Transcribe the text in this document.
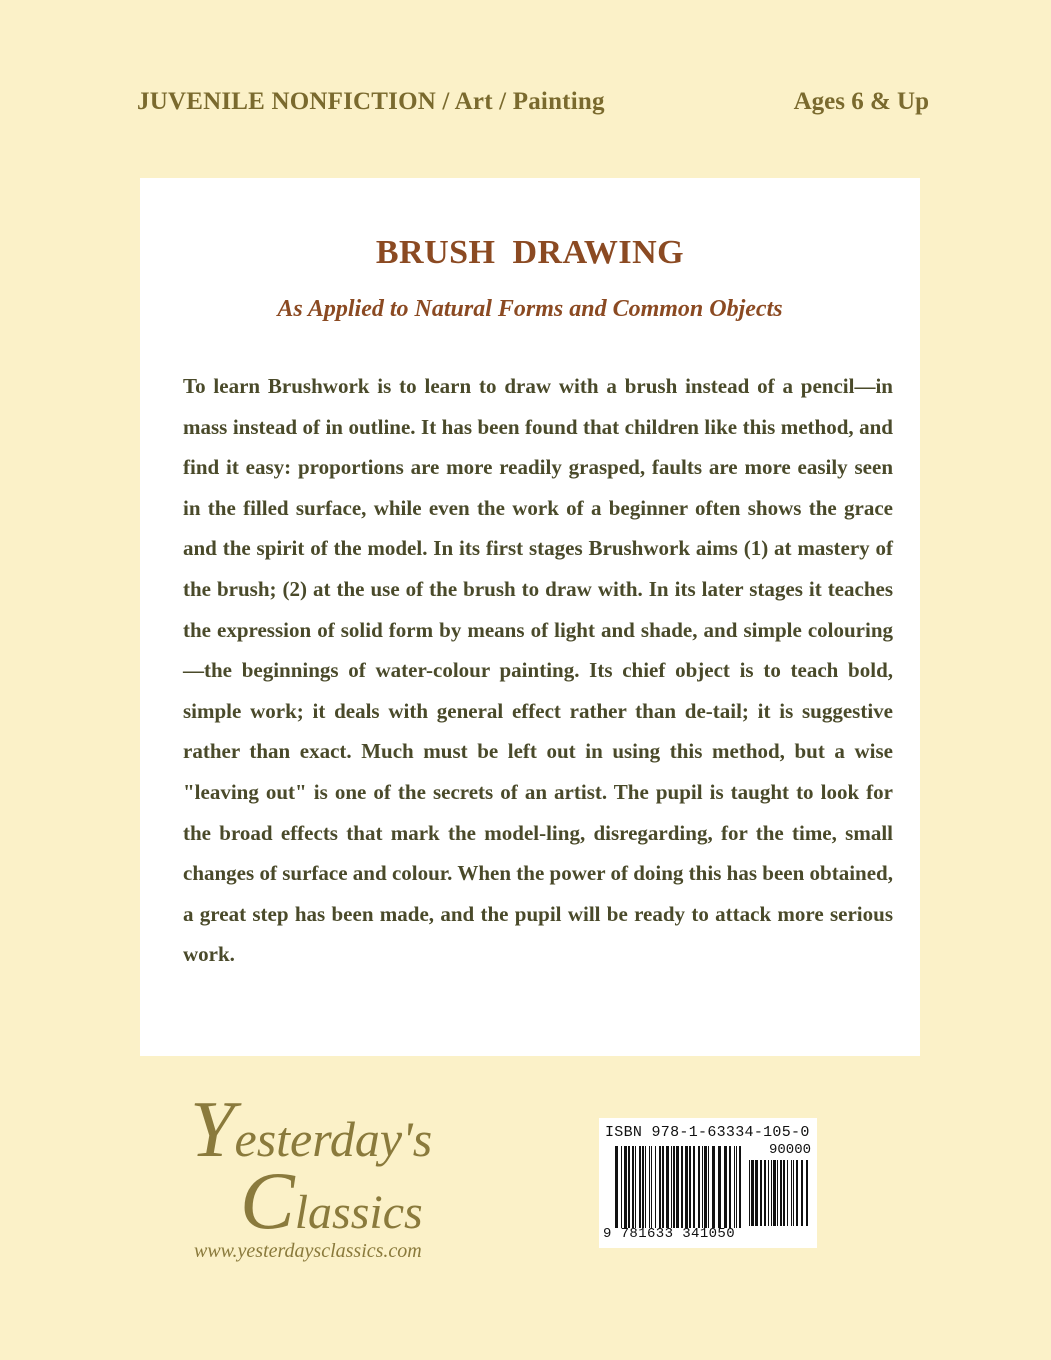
JUVENILE NONFICTION / Art / Painting	Ages 6 & Up
BRUSH DRAWING
As Applied to Natural Forms and Common Objects

To learn Brushwork is to learn to draw with a brush instead of a pencil—in mass instead of in outline. It has been found that children like this method, and find it easy: proportions are more readily grasped, faults are more easily seen in the filled surface, while even the work of a beginner often shows the grace and the spirit of the model. In its first stages Brushwork aims (1) at mastery of the brush; (2) at the use of the brush to draw with. In its later stages it teaches the expression of solid form by means of light and shade, and simple colouring—the beginnings of water-colour painting. Its chief object is to teach bold, simple work; it deals with general effect rather than de-tail; it is suggestive rather than exact. Much must be left out in using this method, but a wise "leaving out" is one of the secrets of an artist. The pupil is taught to look for the broad effects that mark the model-ling, disregarding, for the time, small changes of surface and colour. When the power of doing this has been obtained, a great step has been made, and the pupil will be ready to attack more serious work.

Yesterday's
Classics
www.yesterdaysclassics.com
ISBN 978-1-63334-105-0
90000
9 781633 341050
